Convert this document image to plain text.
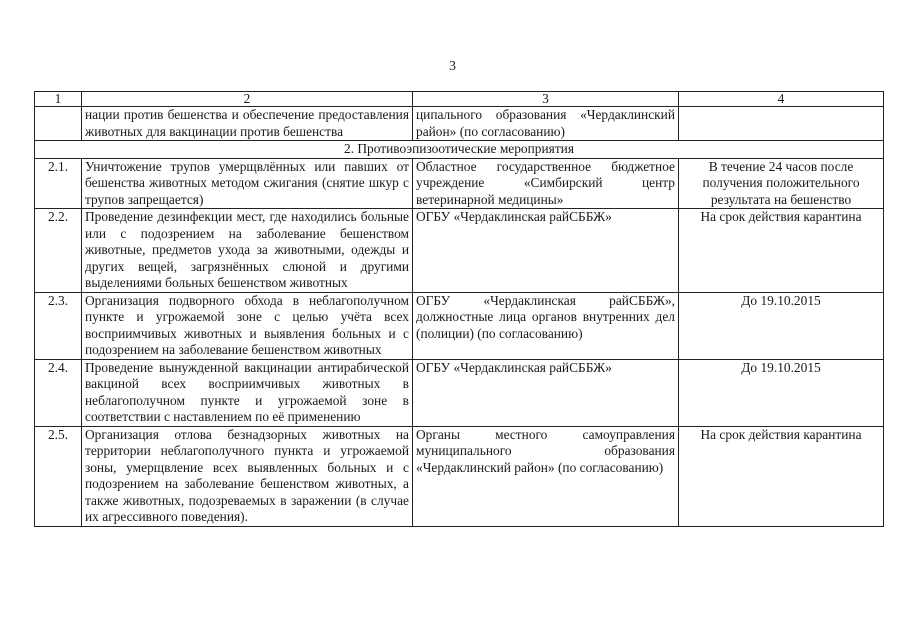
3
1	2	3	4
	нации против бешенства и обеспечение предоставления животных для вакцинации против бешенства	ципального образования «Чердаклинский район» (по согласованию)	
2. Противоэпизоотические мероприятия			
2.1.	Уничтожение трупов умерщвлённых или павших от бешенства животных методом сжигания (снятие шкур с трупов запрещается)	Областное государственное бюджетное учреждение «Симбирский центр ветеринарной медицины»	В течение 24 часов после получения положительного результата на бешенство
2.2.	Проведение дезинфекции мест, где находились больные или с подозрением на заболевание бешенством животные, предметов ухода за животными, одежды и других вещей, загрязнённых слюной и другими выделениями больных бешенством животных	ОГБУ «Чердаклинская райСББЖ»	На срок действия карантина
2.3.	Организация подворного обхода в неблагополучном пункте и угрожаемой зоне с целью учёта всех восприимчивых животных и выявления больных и с подозрением на заболевание бешенством животных	ОГБУ «Чердаклинская райСББЖ», должностные лица органов внутренних дел (полиции) (по согласованию)	До 19.10.2015
2.4.	Проведение вынужденной вакцинации антирабической вакциной всех восприимчивых животных в неблагополучном пункте и угрожаемой зоне в соответствии с наставлением по её применению	ОГБУ «Чердаклинская райСББЖ»	До 19.10.2015
2.5.	Организация отлова безнадзорных животных на территории неблагополучного пункта и угрожаемой зоны, умерщвление всех выявленных больных и с подозрением на заболевание бешенством животных, а также животных, подозреваемых в заражении (в случае их агрессивного поведения).	Органы местного самоуправления муниципального образования «Чердаклинский район» (по согласованию)	На срок действия карантина
